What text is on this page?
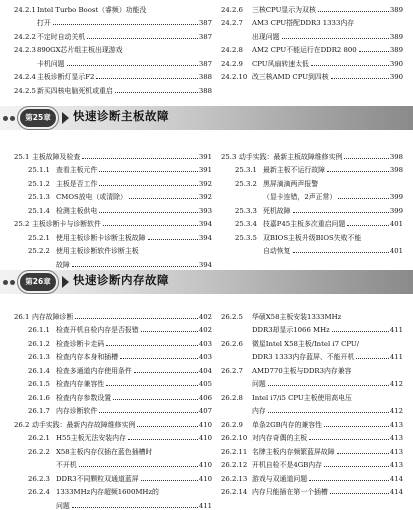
24.2.1 Intel Turbo Boost（睿频）功能没
打开	387
24.2.2 不定时自动关机	387
24.2.3 890GX芯片组主板出现游戏
卡机问题	387
24.2.4 主板诊断灯显示F2	388
24.2.5 新买四核电脑死机或重启	388
24.2.6	三核CPU显示为双核	389
24.2.7	AM3 CPU搭配DDR3 1333内存
出现问题	389
24.2.8	AM2 CPU不能运行在DDR2 800	389
24.2.9	CPU风扇转速太低	390
24.2.10 改三核AMD CPU到四核	390
第25章	快速诊断主板故障
25.1 主板故障及检查	391
25.1.1 查看主板元件	391
25.1.2 主板是否工作	392
25.1.3 CMOS放电（或清除）	392
25.1.4 检测主板供电	393
25.2 主板诊断卡与诊断软件	394
25.2.1 使用主板诊断卡诊断主板故障	394
25.2.2 使用主板诊断软件诊断主板
故障	394
25.3 动手实践：最新主板故障维修实例	398
25.3.1 最新主板不运行故障	398
25.3.2 黑屏滴滴两声报警
（显卡连错，2声正常）	399
25.3.3 死机故障	399
25.3.4 技嘉P45主板多次重启问题	401
25.3.5 双BIOS主板升级BIOS失败不能
自动恢复	401
第26章	快速诊断内存故障
26.1 内存故障诊断	402
26.1.1 检查开机自检内存是否报错	402
26.1.2 检查诊断卡走码	403
26.1.3 检查内存本身和插槽	403
26.1.4 检查多通道内存使用条件	404
26.1.5 检查内存兼容性	405
26.1.6 检查内存参数设置	406
26.1.7 内存诊断软件	407
26.2 动手实践：最新内存故障维修实例	410
26.2.1 H55主板无法安装内存	410
26.2.2 X58主板内存仅插在蓝色插槽时
不开机	410
26.2.3 DDR3不同颗粒双通道蓝屏	410
26.2.4 1333MHz内存超频1600MHz的
问题	411
26.2.5	华硕X58主板安装1333MHz
DDR3却显示1066 MHz	411
26.2.6	微星Intel X58主板/Intel i7 CPU/
DDR3 1333内存蓝屏、不能开机	411
26.2.7	AMD770主板与DDR3内存兼容
问题	412
26.2.8	Intel i7/i5 CPU主板使用高电压
内存	412
26.2.9	单条2GB内存的兼容性	413
26.2.10 对内存奇偶的主板	413
26.2.11 名牌主板内存频繁蓝屏故障	413
26.2.12 开机自检不是4GB内存	413
26.2.13 游戏与双通道问题	414
26.2.14 内存只能插在第一个插槽	414
